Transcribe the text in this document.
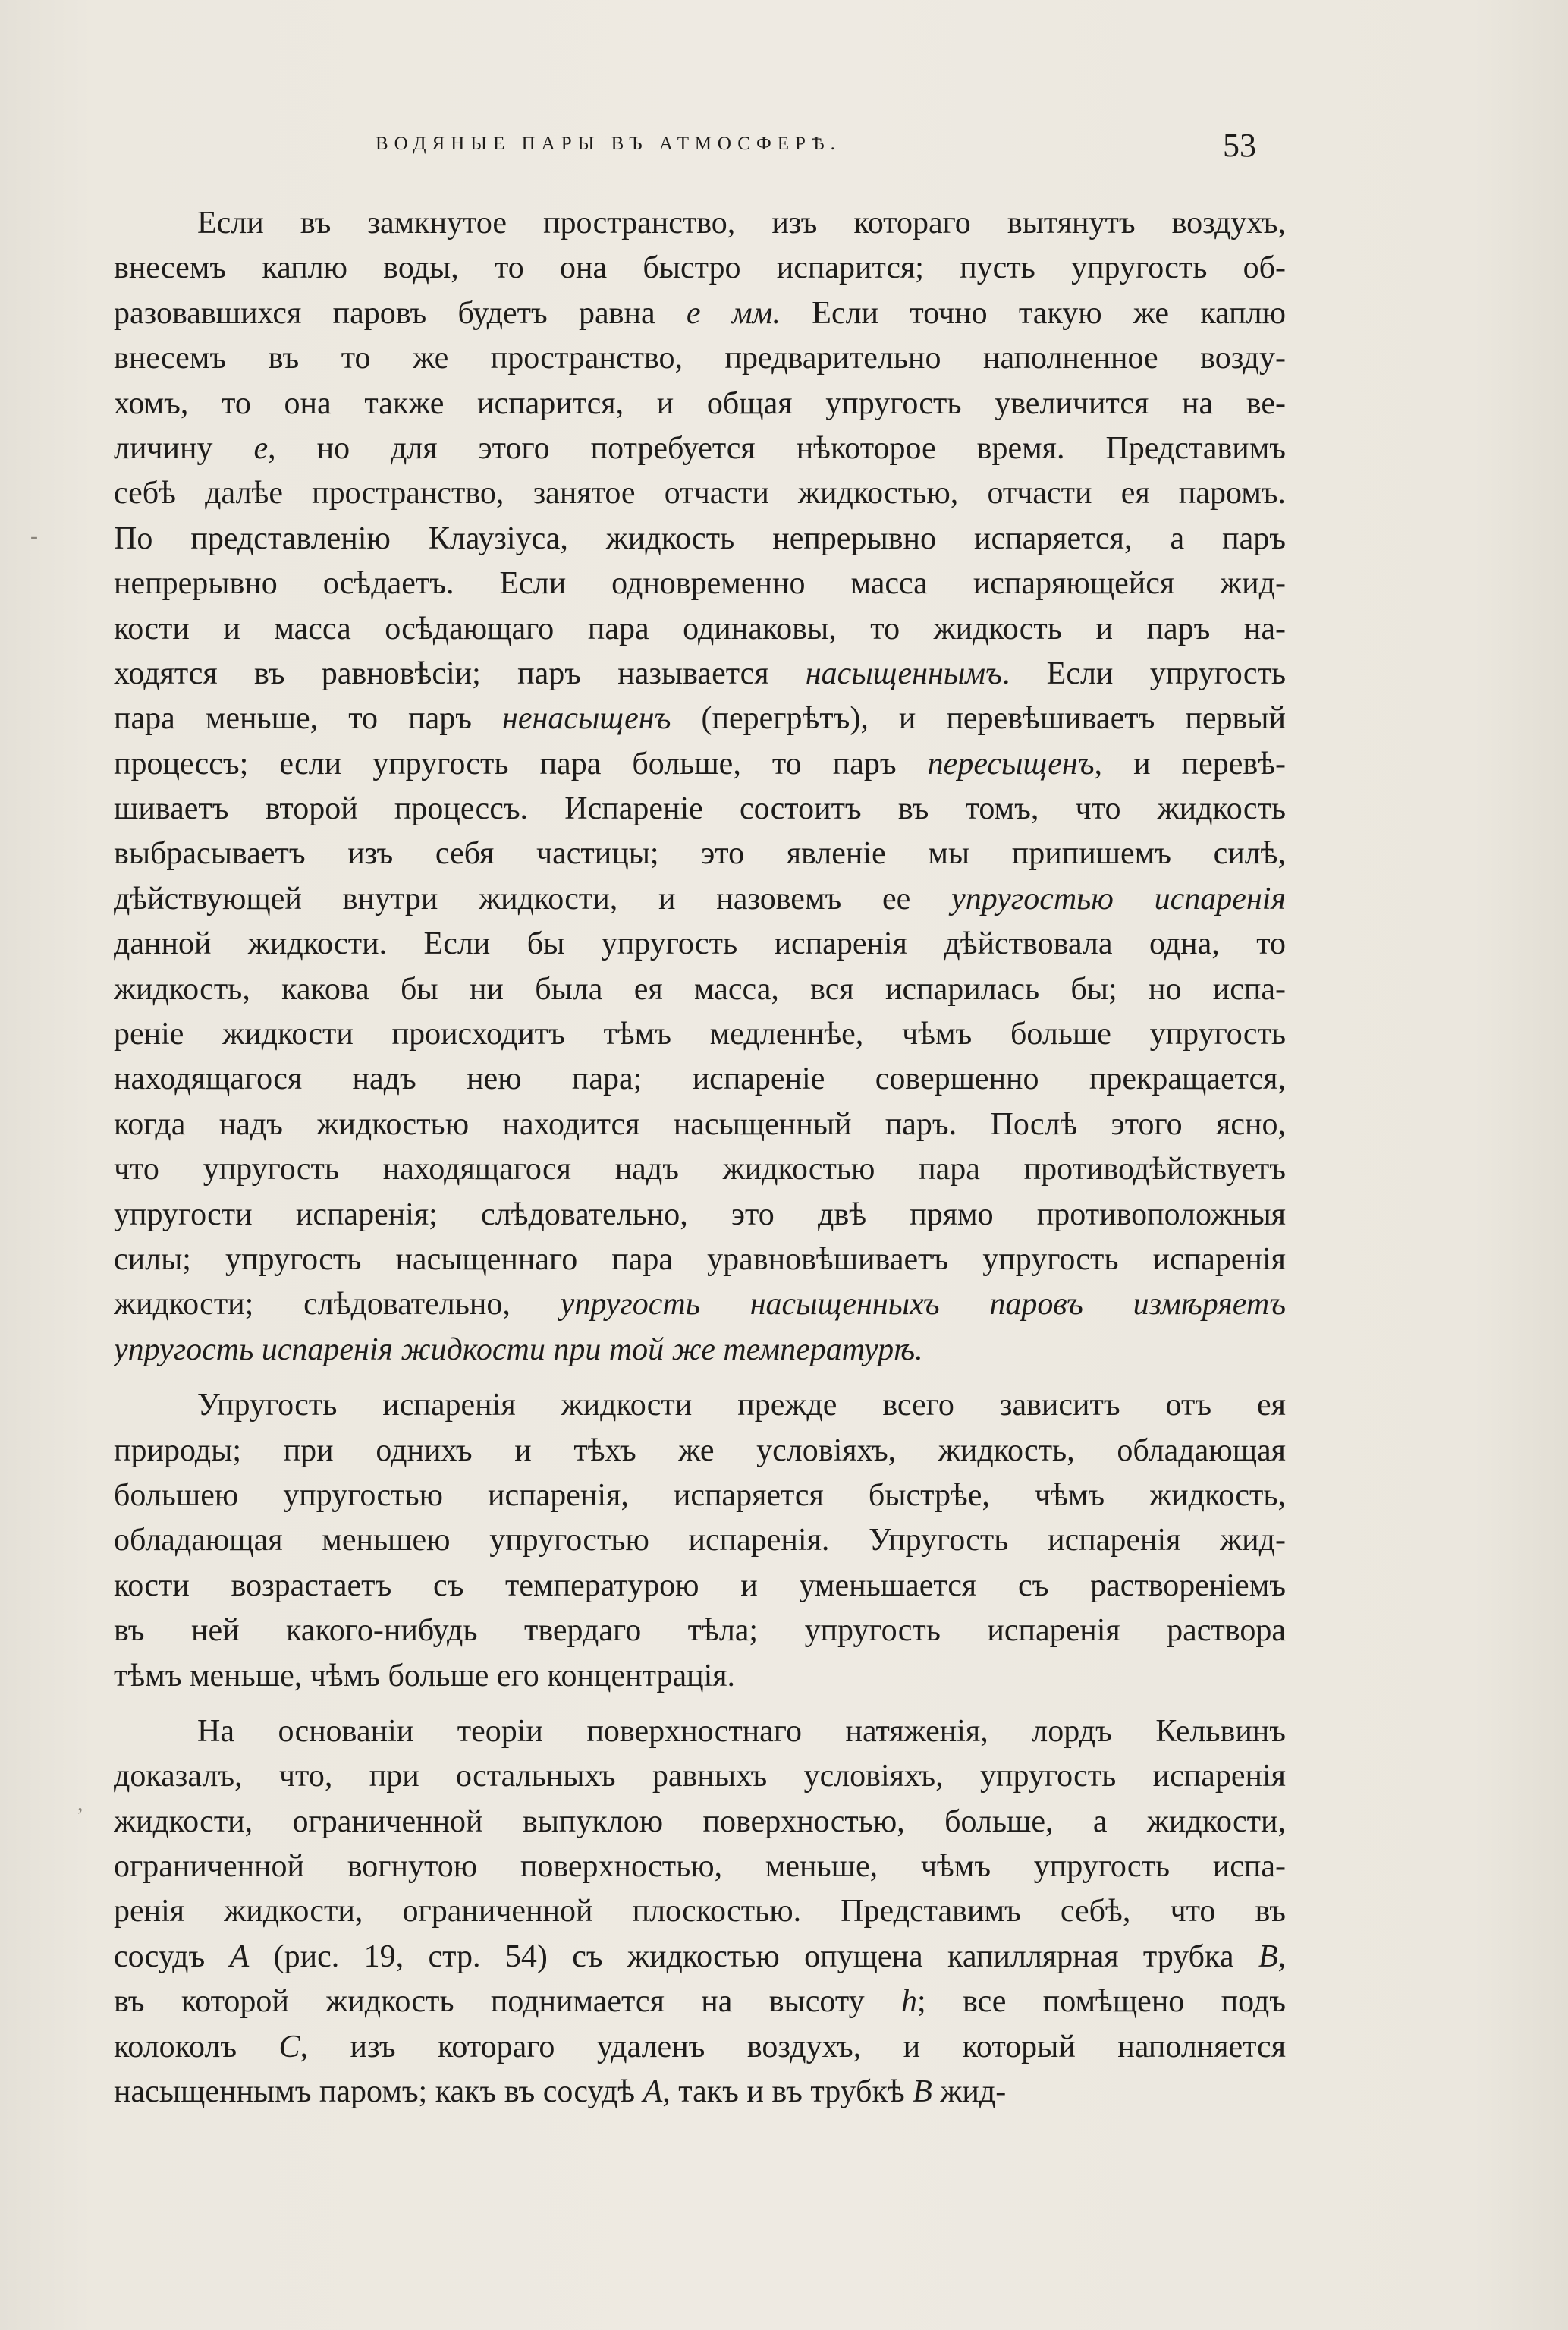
ВОДЯНЫЕ ПАРЫ ВЪ АТМОСФЕРѢ.	53
-
,
Если въ замкнутое пространство, изъ котораго вытянутъ воздухъ,
внесемъ каплю воды, то она быстро испарится; пусть упругость об-
разовавшихся паровъ будетъ равна e мм. Если точно такую же каплю
внесемъ въ то же пространство, предварительно наполненное возду-
хомъ, то она также испарится, и общая упругость увеличится на ве-
личину e, но для этого потребуется нѣкоторое время. Представимъ
себѣ далѣе пространство, занятое отчасти жидкостью, отчасти ея паромъ.
По представленію Клаузіуса, жидкость непрерывно испаряется, а паръ
непрерывно осѣдаетъ. Если одновременно масса испаряющейся жид-
кости и масса осѣдающаго пара одинаковы, то жидкость и паръ на-
ходятся въ равновѣсіи; паръ называется насыщеннымъ. Если упругость
пара меньше, то паръ ненасыщенъ (перегрѣтъ), и перевѣшиваетъ первый
процессъ; если упругость пара больше, то паръ пересыщенъ, и перевѣ-
шиваетъ второй процессъ. Испареніе состоитъ въ томъ, что жидкость
выбрасываетъ изъ себя частицы; это явленіе мы припишемъ силѣ,
дѣйствующей внутри жидкости, и назовемъ ее упругостью испаренія
данной жидкости. Если бы упругость испаренія дѣйствовала одна, то
жидкость, какова бы ни была ея масса, вся испарилась бы; но испа-
реніе жидкости происходитъ тѣмъ медленнѣе, чѣмъ больше упругость
находящагося надъ нею пара; испареніе совершенно прекращается,
когда надъ жидкостью находится насыщенный паръ. Послѣ этого ясно,
что упругость находящагося надъ жидкостью пара противодѣйствуетъ
упругости испаренія; слѣдовательно, это двѣ прямо противоположныя
силы; упругость насыщеннаго пара уравновѣшиваетъ упругость испаренія
жидкости; слѣдовательно, упругость насыщенныхъ паровъ измѣряетъ
упругость испаренія жидкости при той же температурѣ.
Упругость испаренія жидкости прежде всего зависитъ отъ ея
природы; при однихъ и тѣхъ же условіяхъ, жидкость, обладающая
большею упругостью испаренія, испаряется быстрѣе, чѣмъ жидкость,
обладающая меньшею упругостью испаренія. Упругость испаренія жид-
кости возрастаетъ съ температурою и уменьшается съ раствореніемъ
въ ней какого-нибудь твердаго тѣла; упругость испаренія раствора
тѣмъ меньше, чѣмъ больше его концентрація.
На основаніи теоріи поверхностнаго натяженія, лордъ Кельвинъ
доказалъ, что, при остальныхъ равныхъ условіяхъ, упругость испаренія
жидкости, ограниченной выпуклою поверхностью, больше, а жидкости,
ограниченной вогнутою поверхностью, меньше, чѣмъ упругость испа-
ренія жидкости, ограниченной плоскостью. Представимъ себѣ, что въ
сосудъ A (рис. 19, стр. 54) съ жидкостью опущена капиллярная трубка B,
въ которой жидкость поднимается на высоту h; все помѣщено подъ
колоколъ C, изъ котораго удаленъ воздухъ, и который наполняется
насыщеннымъ паромъ; какъ въ сосудѣ A, такъ и въ трубкѣ B жид-
